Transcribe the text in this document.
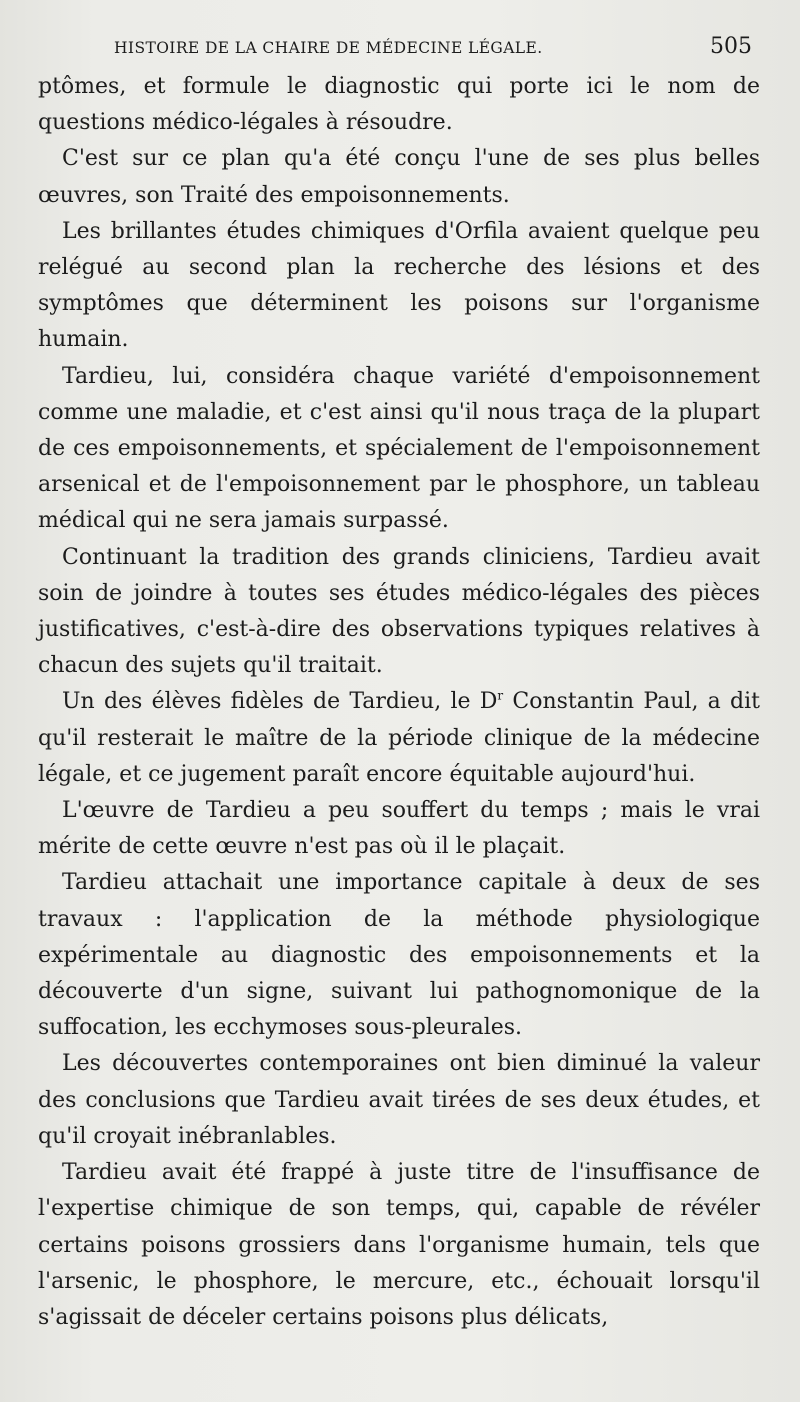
HISTOIRE DE LA CHAIRE DE MÉDECINE LÉGALE.	505

ptômes, et formule le diagnostic qui porte ici le nom de questions médico-légales à résoudre.

C'est sur ce plan qu'a été conçu l'une de ses plus belles œuvres, son Traité des empoisonnements.

Les brillantes études chimiques d'Orfila avaient quelque peu relégué au second plan la recherche des lésions et des symptômes que déterminent les poisons sur l'organisme humain.

Tardieu, lui, considéra chaque variété d'empoisonnement comme une maladie, et c'est ainsi qu'il nous traça de la plupart de ces empoisonnements, et spécialement de l'empoisonnement arsenical et de l'empoisonnement par le phosphore, un tableau médical qui ne sera jamais surpassé.

Continuant la tradition des grands cliniciens, Tardieu avait soin de joindre à toutes ses études médico-légales des pièces justificatives, c'est-à-dire des observations typiques relatives à chacun des sujets qu'il traitait.

Un des élèves fidèles de Tardieu, le $D^r$ Constantin Paul, a dit qu'il resterait le maître de la période clinique de la médecine légale, et ce jugement paraît encore équitable aujourd'hui.

L'œuvre de Tardieu a peu souffert du temps ; mais le vrai mérite de cette œuvre n'est pas où il le plaçait.

Tardieu attachait une importance capitale à deux de ses travaux : l'application de la méthode physiologique expérimentale au diagnostic des empoisonnements et la découverte d'un signe, suivant lui pathognomonique de la suffocation, les ecchymoses sous-pleurales.

Les découvertes contemporaines ont bien diminué la valeur des conclusions que Tardieu avait tirées de ses deux études, et qu'il croyait inébranlables.

Tardieu avait été frappé à juste titre de l'insuffisance de l'expertise chimique de son temps, qui, capable de révéler certains poisons grossiers dans l'organisme humain, tels que l'arsenic, le phosphore, le mercure, etc., échouait lorsqu'il s'agissait de déceler certains poisons plus délicats,
